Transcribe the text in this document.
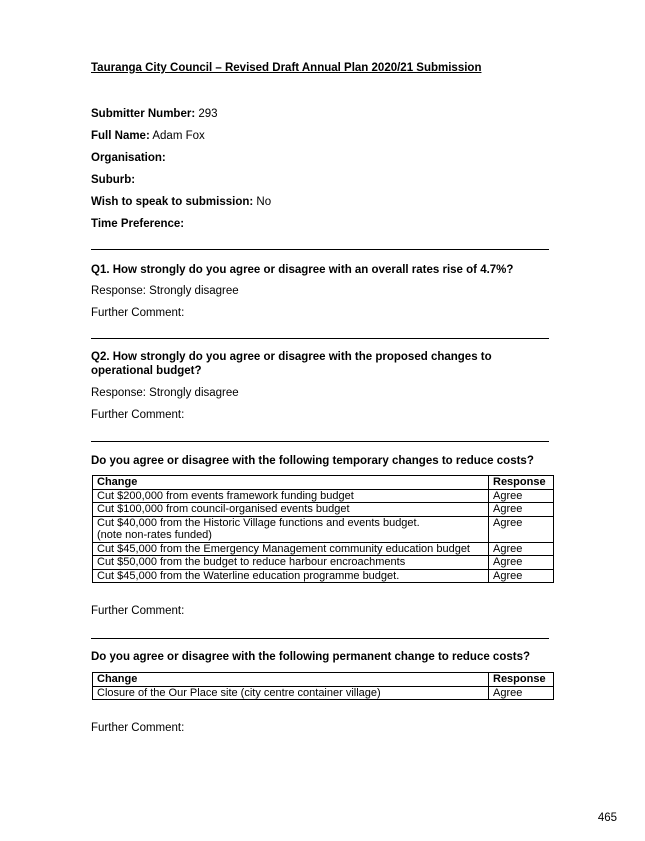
Tauranga City Council – Revised Draft Annual Plan 2020/21 Submission
Submitter Number: 293
Full Name: Adam Fox
Organisation:
Suburb:
Wish to speak to submission: No
Time Preference:
Q1. How strongly do you agree or disagree with an overall rates rise of 4.7%?
Response: Strongly disagree
Further Comment:
Q2. How strongly do you agree or disagree with the proposed changes to operational budget?
Response: Strongly disagree
Further Comment:
Do you agree or disagree with the following temporary changes to reduce costs?
Change	Response
Cut $200,000 from events framework funding budget	Agree
Cut $100,000 from council-organised events budget	Agree

Cut $40,000 from the Historic Village functions and events budget.
(note non-rates funded)	Agree
Cut $45,000 from the Emergency Management community education budget	Agree
Cut $50,000 from the budget to reduce harbour encroachments	Agree
Cut $45,000 from the Waterline education programme budget.	Agree
Further Comment:
Do you agree or disagree with the following permanent change to reduce costs?
Change	Response
Closure of the Our Place site (city centre container village)	Agree
Further Comment:
465
